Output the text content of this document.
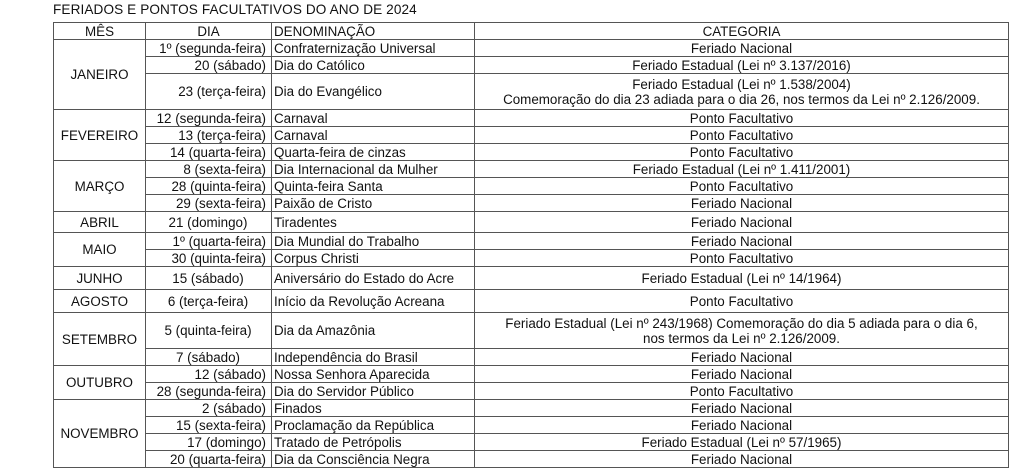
FERIADOS E PONTOS FACULTATIVOS DO ANO DE 2024
MÊS	DIA	DENOMINAÇÃO	CATEGORIA
JANEIRO	1º (segunda-feira)	Confraternização Universal	Feriado Nacional
	20 (sábado)	Dia do Católico	Feriado Estadual (Lei nº 3.137/2016)
	23 (terça-feira)	Dia do Evangélico	Feriado Estadual (Lei nº 1.538/2004)
Comemoração do dia 23 adiada para o dia 26, nos termos da Lei nº 2.126/2009.

FEVEREIRO	12 (segunda-feira)	Carnaval	Ponto Facultativo
	13 (terça-feira)	Carnaval	Ponto Facultativo
	14 (quarta-feira)	Quarta-feira de cinzas	Ponto Facultativo
MARÇO	8 (sexta-feira)	Dia Internacional da Mulher	Feriado Estadual (Lei nº 1.411/2001)
	28 (quinta-feira)	Quinta-feira Santa	Ponto Facultativo
	29 (sexta-feira)	Paixão de Cristo	Feriado Nacional
ABRIL	21 (domingo)	Tiradentes	Feriado Nacional
MAIO	1º (quarta-feira)	Dia Mundial do Trabalho	Feriado Nacional
	30 (quinta-feira)	Corpus Christi	Ponto Facultativo
JUNHO	15 (sábado)	Aniversário do Estado do Acre	Feriado Estadual (Lei nº 14/1964)
AGOSTO	6 (terça-feira)	Início da Revolução Acreana	Ponto Facultativo
SETEMBRO	5 (quinta-feira)	Dia da Amazônia	Feriado Estadual (Lei nº 243/1968) Comemoração do dia 5 adiada para o dia 6,
nos termos da Lei nº 2.126/2009.

	7 (sábado)	Independência do Brasil	Feriado Nacional
OUTUBRO	12 (sábado)	Nossa Senhora Aparecida	Feriado Nacional
	28 (segunda-feira)	Dia do Servidor Público	Ponto Facultativo
NOVEMBRO	2 (sábado)	Finados	Feriado Nacional
	15 (sexta-feira)	Proclamação da República	Feriado Nacional
	17 (domingo)	Tratado de Petrópolis	Feriado Estadual (Lei nº 57/1965)
	20 (quarta-feira)	Dia da Consciência Negra	Feriado Nacional
